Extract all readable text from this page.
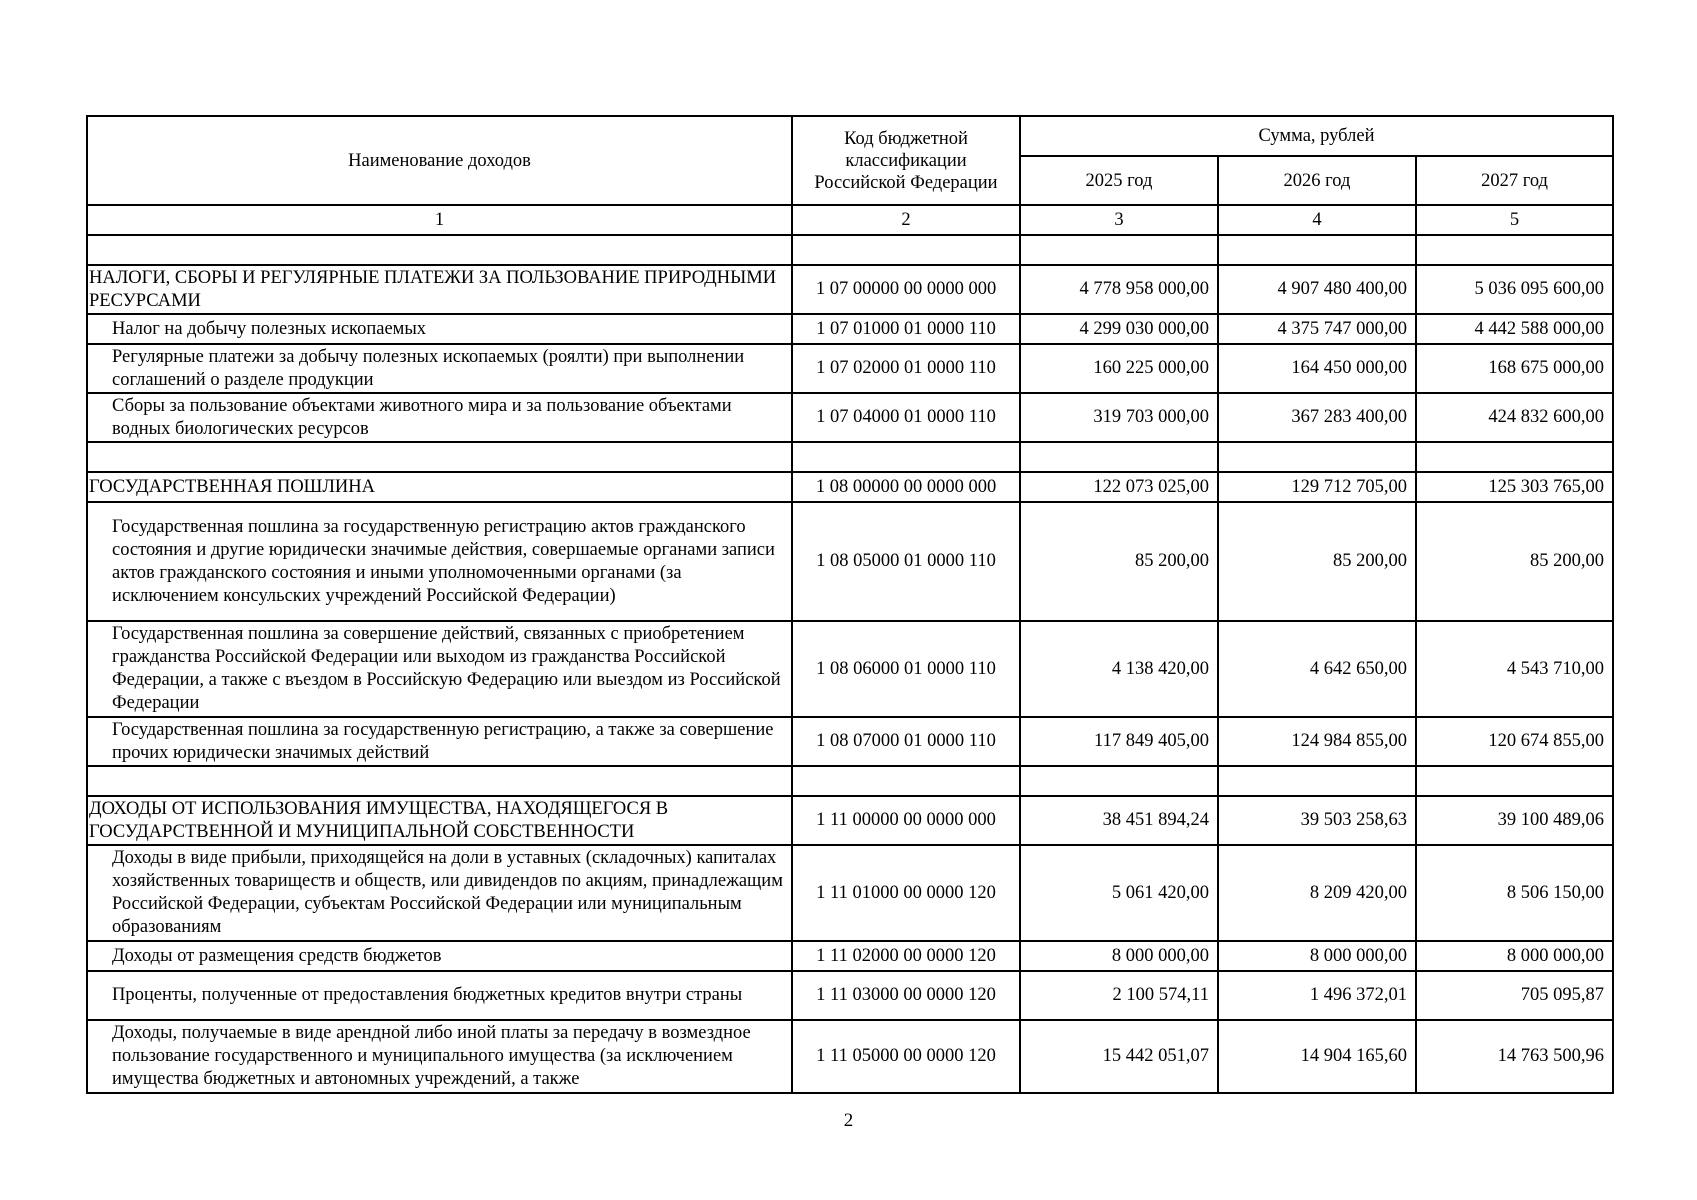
Наименование доходов	Код бюджетной классификации Российской Федерации	Сумма, рублей		
		2025 год	2026 год	2027 год
1	2	3	4	5

НАЛОГИ, СБОРЫ И РЕГУЛЯРНЫЕ ПЛАТЕЖИ ЗА ПОЛЬЗОВАНИЕ ПРИРОДНЫМИ РЕСУРСАМИ	1 07 00000 00 0000 000	4 778 958 000,00	4 907 480 400,00	5 036 095 600,00
Налог на добычу полезных ископаемых	1 07 01000 01 0000 110	4 299 030 000,00	4 375 747 000,00	4 442 588 000,00
Регулярные платежи за добычу полезных ископаемых (роялти) при выполнении соглашений о разделе продукции	1 07 02000 01 0000 110	160 225 000,00	164 450 000,00	168 675 000,00
Сборы за пользование объектами животного мира и за пользование объектами водных биологических ресурсов	1 07 04000 01 0000 110	319 703 000,00	367 283 400,00	424 832 600,00

ГОСУДАРСТВЕННАЯ ПОШЛИНА	1 08 00000 00 0000 000	122 073 025,00	129 712 705,00	125 303 765,00
Государственная пошлина за государственную регистрацию актов гражданского состояния и другие юридически значимые действия, совершаемые органами записи актов гражданского состояния и иными уполномоченными органами (за исключением консульских учреждений Российской Федерации)	1 08 05000 01 0000 110	85 200,00	85 200,00	85 200,00
Государственная пошлина за совершение действий, связанных с приобретением гражданства Российской Федерации или выходом из гражданства Российской Федерации, а также с въездом в Российскую Федерацию или выездом из Российской Федерации	1 08 06000 01 0000 110	4 138 420,00	4 642 650,00	4 543 710,00
Государственная пошлина за государственную регистрацию, а также за совершение прочих юридически значимых действий	1 08 07000 01 0000 110	117 849 405,00	124 984 855,00	120 674 855,00

ДОХОДЫ ОТ ИСПОЛЬЗОВАНИЯ ИМУЩЕСТВА, НАХОДЯЩЕГОСЯ В ГОСУДАРСТВЕННОЙ И МУНИЦИПАЛЬНОЙ СОБСТВЕННОСТИ	1 11 00000 00 0000 000	38 451 894,24	39 503 258,63	39 100 489,06
Доходы в виде прибыли, приходящейся на доли в уставных (складочных) капиталах хозяйственных товариществ и обществ, или дивидендов по акциям, принадлежащим Российской Федерации, субъектам Российской Федерации или муниципальным образованиям	1 11 01000 00 0000 120	5 061 420,00	8 209 420,00	8 506 150,00
Доходы от размещения средств бюджетов	1 11 02000 00 0000 120	8 000 000,00	8 000 000,00	8 000 000,00
Проценты, полученные от предоставления бюджетных кредитов внутри страны	1 11 03000 00 0000 120	2 100 574,11	1 496 372,01	705 095,87
Доходы, получаемые в виде арендной либо иной платы за передачу в возмездное пользование государственного и муниципального имущества (за исключением имущества бюджетных и автономных учреждений, а также	1 11 05000 00 0000 120	15 442 051,07	14 904 165,60	14 763 500,96
2
